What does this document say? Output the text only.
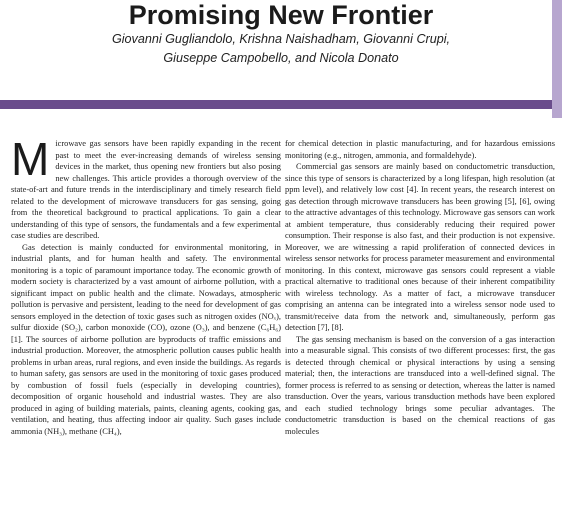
Promising New Frontier
Giovanni Gugliandolo, Krishna Naishadham, Giovanni Crupi,
Giuseppe Campobello, and Nicola Donato

Microwave gas sensors have been rapidly expanding in the recent past to meet the ever-increasing demands of wireless sensing devices in the market, thus opening new frontiers but also posing new challenges. This article provides a thorough overview of the state-of-art and future trends in the interdisciplinary and timely research field related to the development of microwave transducers for gas sensing, going from the theoretical background to practical applications. To gain a clear understanding of this type of sensors, the fundamentals and a few experimental case studies are described.

Gas detection is mainly conducted for environmental monitoring, in industrial plants, and for human health and safety. The environmental monitoring is a topic of paramount importance today. The economic growth of modern society is characterized by a vast amount of airborne pollution, with a significant impact on public health and the climate. Nowadays, atmospheric pollution is pervasive and persistent, leading to the need for development of gas sensors employed in the detection of toxic gases such as nitrogen oxides (NOₓ), sulfur dioxide (SO₂), carbon monoxide (CO), ozone (O₃), and benzene (C₆H₆) [1]. The sources of airborne pollution are byproducts of traffic emissions and industrial production. Moreover, the atmospheric pollution causes public health problems in urban areas, rural regions, and even inside the buildings. As regards to human safety, gas sensors are used in the monitoring of toxic gases produced by combustion of fossil fuels (especially in developing countries), decomposition of organic household and industrial wastes. They are also produced in aging of building materials, paints, cleaning agents, cooking gas, ventilation, and heating, thus affecting indoor air quality. Such gases include ammonia (NH₃), methane (CH₄),

for chemical detection in plastic manufacturing, and for hazardous emissions monitoring (e.g., nitrogen, ammonia, and formaldehyde).

Commercial gas sensors are mainly based on conductometric transduction, since this type of sensors is characterized by a long lifespan, high resolution (at ppm level), and relatively low cost [4]. In recent years, the research interest on gas detection through microwave transducers has been growing [5], [6], owing to the attractive advantages of this technology. Microwave gas sensors can work at ambient temperature, thus considerably reducing their required power consumption. Their response is also fast, and their production is not expensive. Moreover, we are witnessing a rapid proliferation of connected devices in wireless sensor networks for process parameter measurement and environmental monitoring. In this context, microwave gas sensors could represent a viable practical alternative to traditional ones because of their inherent compatibility with wireless technology. As a matter of fact, a microwave transducer comprising an antenna can be integrated into a wireless sensor node used to transmit/receive data from the network and, simultaneously, perform gas detection [7], [8].

The gas sensing mechanism is based on the conversion of a gas interaction into a measurable signal. This consists of two different processes: first, the gas is detected through chemical or physical interactions by using a sensing material; then, the interactions are transduced into a well-defined signal. The former process is referred to as sensing or detection, whereas the latter is named transduction. Over the years, various transduction methods have been explored and each studied technology brings some peculiar advantages. The conductometric transduction is based on the chemical reactions of gas molecules
